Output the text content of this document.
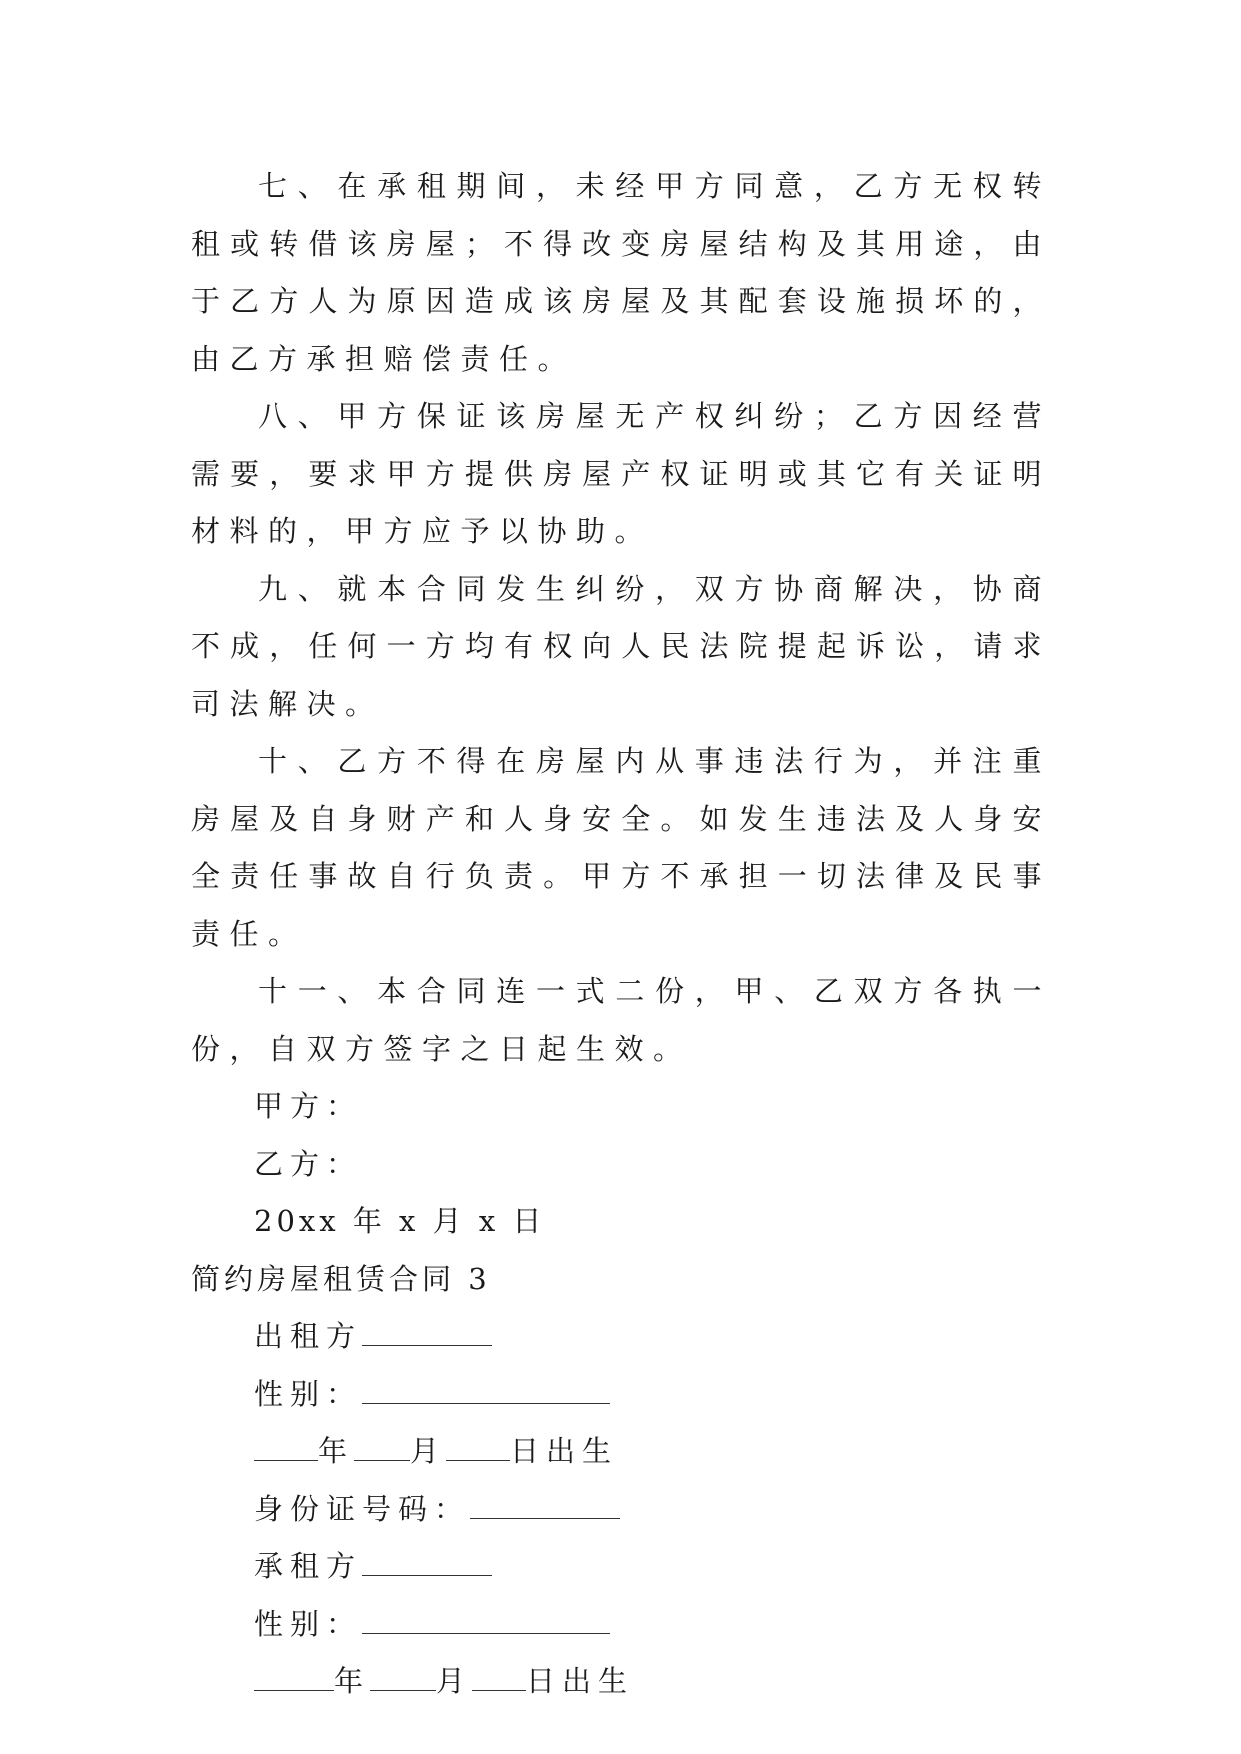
七、在承租期间，未经甲方同意，乙方无权转租或转借该房屋；不得改变房屋结构及其用途，由于乙方人为原因造成该房屋及其配套设施损坏的，由乙方承担赔偿责任。

八、甲方保证该房屋无产权纠纷；乙方因经营需要，要求甲方提供房屋产权证明或其它有关证明材料的，甲方应予以协助。

九、就本合同发生纠纷，双方协商解决，协商不成，任何一方均有权向人民法院提起诉讼，请求司法解决。

十、乙方不得在房屋内从事违法行为，并注重房屋及自身财产和人身安全。如发生违法及人身安全责任事故自行负责。甲方不承担一切法律及民事责任。

十一、本合同连一式二份，甲、乙双方各执一份，自双方签字之日起生效。

甲方：

乙方：

20xx 年 x 月 x 日

简约房屋租赁合同 3

出租方

性别：

年 月 日出生

身份证号码：

承租方

性别：

年 月 日出生
